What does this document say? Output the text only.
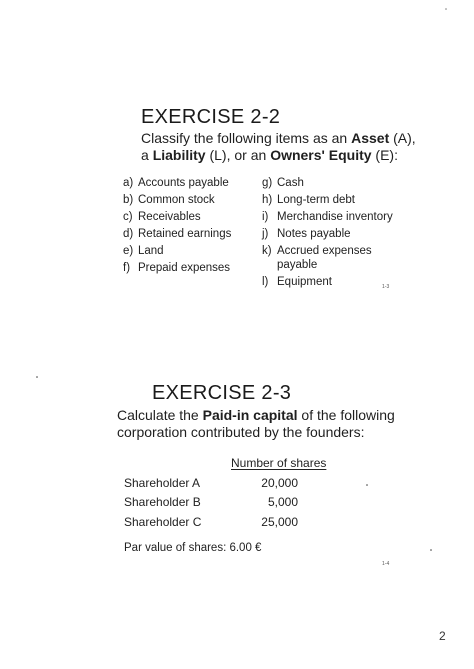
EXERCISE 2-2
Classify the following items as an Asset (A),
a Liability (L), or an Owners' Equity (E):
a) Accounts payable
b) Common stock
c) Receivables
d) Retained earnings
e) Land
f) Prepaid expenses
g) Cash
h) Long-term debt
i) Merchandise inventory
j) Notes payable
k) Accrued expenses
payable
l) Equipment	1-3
EXERCISE 2-3
Calculate the Paid-in capital of the following
corporation contributed by the founders:
Number of shares
Shareholder A	20,000
Shareholder B	5,000
Shareholder C	25,000
Par value of shares: 6.00 €
1-4
2
